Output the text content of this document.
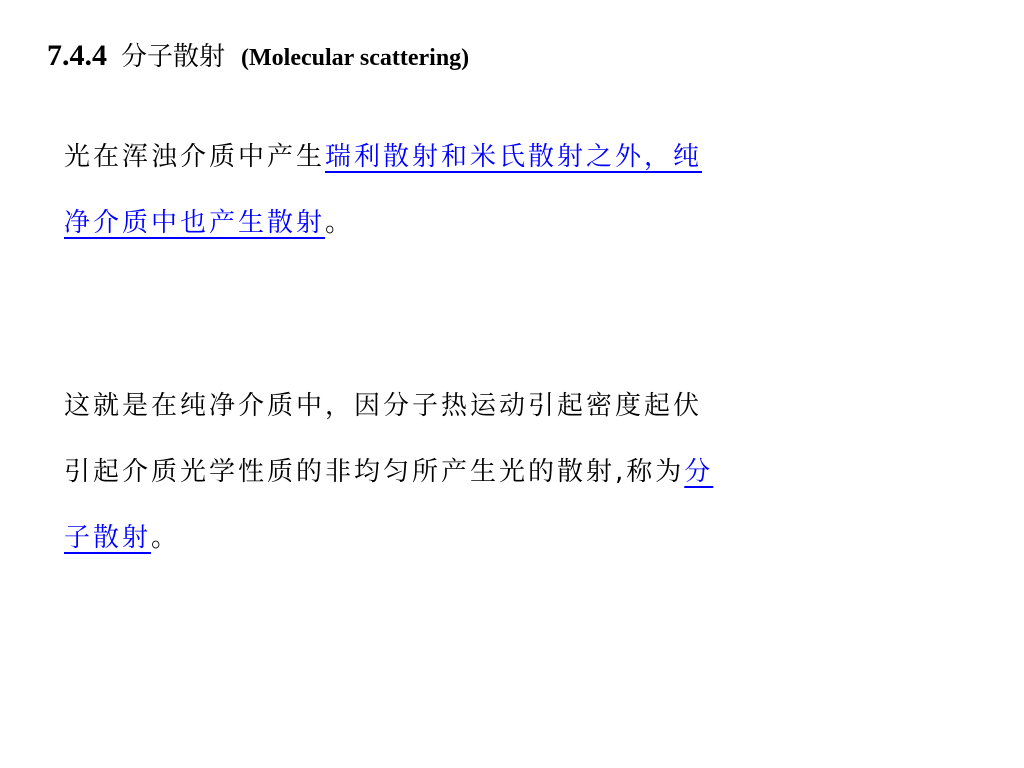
7.4.4 分子散射 (Molecular scattering)

光在浑浊介质中产生瑞利散射和米氏散射之外，纯
净介质中也产生散射。

这就是在纯净介质中，因分子热运动引起密度起伏
引起介质光学性质的非均匀所产生光的散射,称为分
子散射。
